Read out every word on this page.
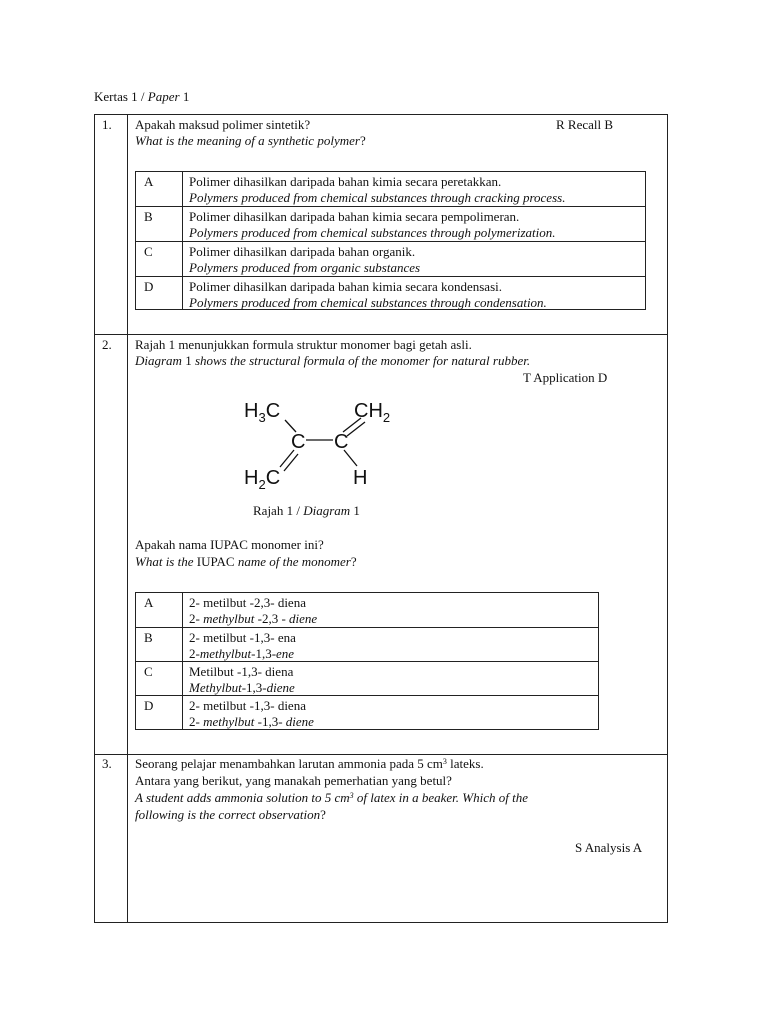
Kertas 1 / Paper 1
1. Apakah maksud polimer sintetik?	R Recall B
What is the meaning of a synthetic polymer?
A	Polimer dihasilkan daripada bahan kimia secara peretakkan.
Polymers produced from chemical substances through cracking process.
B	Polimer dihasilkan daripada bahan kimia secara pempolimeran.
Polymers produced from chemical substances through polymerization.
C	Polimer dihasilkan daripada bahan organik.
Polymers produced from organic substances
D	Polimer dihasilkan daripada bahan kimia secara kondensasi.
Polymers produced from chemical substances through condensation.
2. Rajah 1 menunjukkan formula struktur monomer bagi getah asli.
Diagram 1 shows the structural formula of the monomer for natural rubber.
T Application D
$H_3C$	$CH_2$
C C
$H_2C$	H
Rajah 1 / Diagram 1
Apakah nama IUPAC monomer ini?
What is the IUPAC name of the monomer?
A	2- metilbut -2,3- diena
2- methylbut -2,3 - diene
B	2- metilbut -1,3- ena
2-methylbut-1,3-ene
C	Metilbut -1,3- diena
Methylbut-1,3-diene
D	2- metilbut -1,3- diena
2- methylbut -1,3- diene
3. Seorang pelajar menambahkan larutan ammonia pada 5 $cm^3$ lateks.
Antara yang berikut, yang manakah pemerhatian yang betul?
A student adds ammonia solution to 5 $cm^3$ of latex in a beaker. Which of the
following is the correct observation?
S Analysis A
